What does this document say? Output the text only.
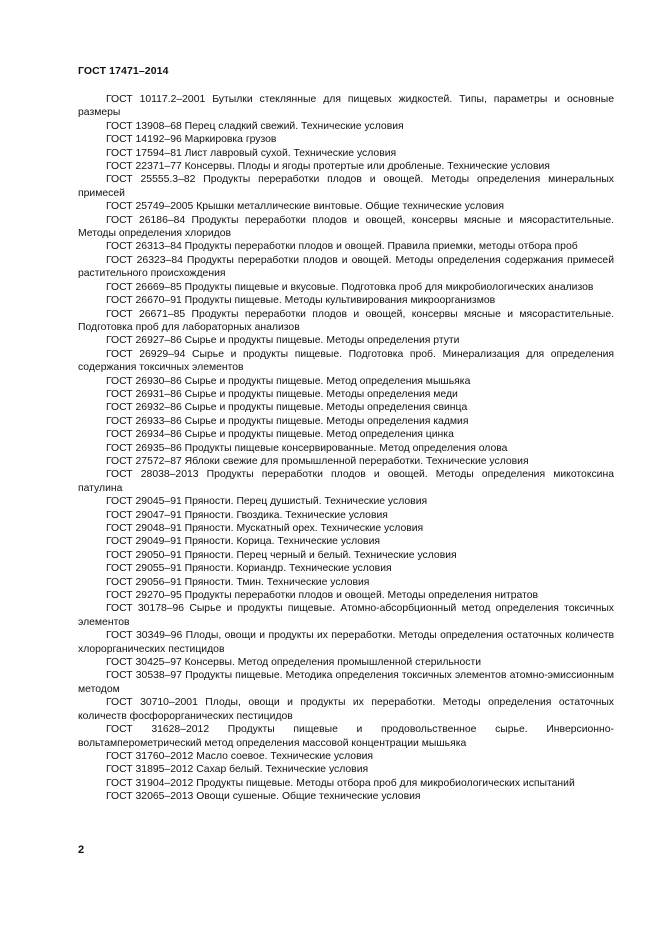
ГОСТ 17471–2014

ГОСТ 10117.2–2001 Бутылки стеклянные для пищевых жидкостей. Типы, параметры и основные размеры

ГОСТ 13908–68 Перец сладкий свежий. Технические условия

ГОСТ 14192–96 Маркировка грузов

ГОСТ 17594–81 Лист лавровый сухой. Технические условия

ГОСТ 22371–77 Консервы. Плоды и ягоды протертые или дробленые. Технические условия

ГОСТ 25555.3–82 Продукты переработки плодов и овощей. Методы определения минеральных примесей

ГОСТ 25749–2005 Крышки металлические винтовые. Общие технические условия

ГОСТ 26186–84 Продукты переработки плодов и овощей, консервы мясные и мясорастительные. Методы определения хлоридов

ГОСТ 26313–84 Продукты переработки плодов и овощей. Правила приемки, методы отбора проб

ГОСТ 26323–84 Продукты переработки плодов и овощей. Методы определения содержания примесей растительного происхождения

ГОСТ 26669–85 Продукты пищевые и вкусовые. Подготовка проб для микробиологических анализов

ГОСТ 26670–91 Продукты пищевые. Методы культивирования микроорганизмов

ГОСТ 26671–85 Продукты переработки плодов и овощей, консервы мясные и мясорастительные. Подготовка проб для лабораторных анализов

ГОСТ 26927–86 Сырье и продукты пищевые. Методы определения ртути

ГОСТ 26929–94 Сырье и продукты пищевые. Подготовка проб. Минерализация для определения содержания токсичных элементов

ГОСТ 26930–86 Сырье и продукты пищевые. Метод определения мышьяка

ГОСТ 26931–86 Сырье и продукты пищевые. Методы определения меди

ГОСТ 26932–86 Сырье и продукты пищевые. Методы определения свинца

ГОСТ 26933–86 Сырье и продукты пищевые. Методы определения кадмия

ГОСТ 26934–86 Сырье и продукты пищевые. Метод определения цинка

ГОСТ 26935–86 Продукты пищевые консервированные. Метод определения олова

ГОСТ 27572–87 Яблоки свежие для промышленной переработки. Технические условия

ГОСТ 28038–2013 Продукты переработки плодов и овощей. Методы определения микотоксина патулина

ГОСТ 29045–91 Пряности. Перец душистый. Технические условия

ГОСТ 29047–91 Пряности. Гвоздика. Технические условия

ГОСТ 29048–91 Пряности. Мускатный орех. Технические условия

ГОСТ 29049–91 Пряности. Корица. Технические условия

ГОСТ 29050–91 Пряности. Перец черный и белый. Технические условия

ГОСТ 29055–91 Пряности. Кориандр. Технические условия

ГОСТ 29056–91 Пряности. Тмин. Технические условия

ГОСТ 29270–95 Продукты переработки плодов и овощей. Методы определения нитратов

ГОСТ 30178–96 Сырье и продукты пищевые. Атомно-абсорбционный метод определения токсичных элементов

ГОСТ 30349–96 Плоды, овощи и продукты их переработки. Методы определения остаточных количеств хлорорганических пестицидов

ГОСТ 30425–97 Консервы. Метод определения промышленной стерильности

ГОСТ 30538–97 Продукты пищевые. Методика определения токсичных элементов атомно-эмиссионным методом

ГОСТ 30710–2001 Плоды, овощи и продукты их переработки. Методы определения остаточных количеств фосфорорганических пестицидов

ГОСТ 31628–2012 Продукты пищевые и продовольственное сырье. Инверсионно-вольтамперометрический метод определения массовой концентрации мышьяка

ГОСТ 31760–2012 Масло соевое. Технические условия

ГОСТ 31895–2012 Сахар белый. Технические условия

ГОСТ 31904–2012 Продукты пищевые. Методы отбора проб для микробиологических испытаний

ГОСТ 32065–2013 Овощи сушеные. Общие технические условия

2
